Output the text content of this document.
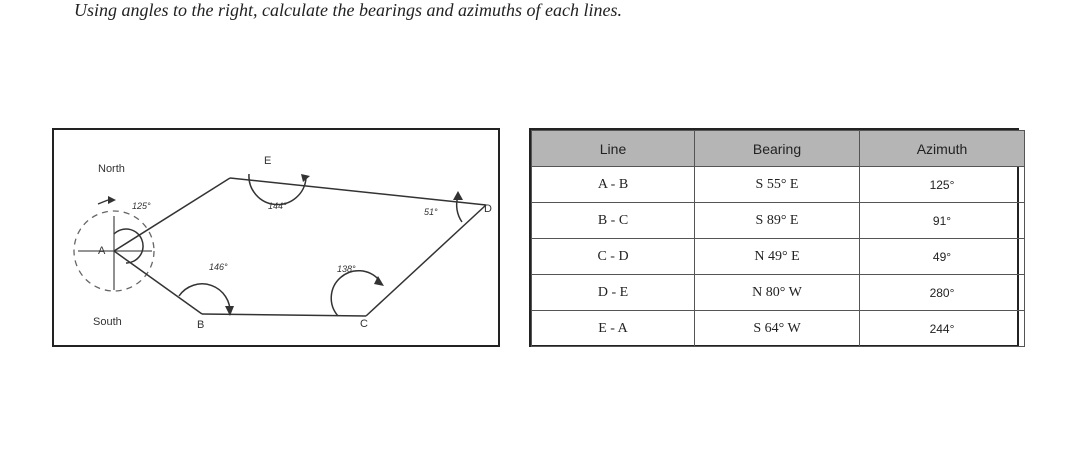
Using angles to the right, calculate the bearings and azimuths of each lines.

North
South
A
B	C
D
E
125°
146°	138°
51°
144°
Line	Bearing	Azimuth
A - B	S 55° E	125°
B - C	S 89° E	91°
C - D	N 49° E	49°
D - E	N 80° W	280°
E - A	S 64° W	244°
